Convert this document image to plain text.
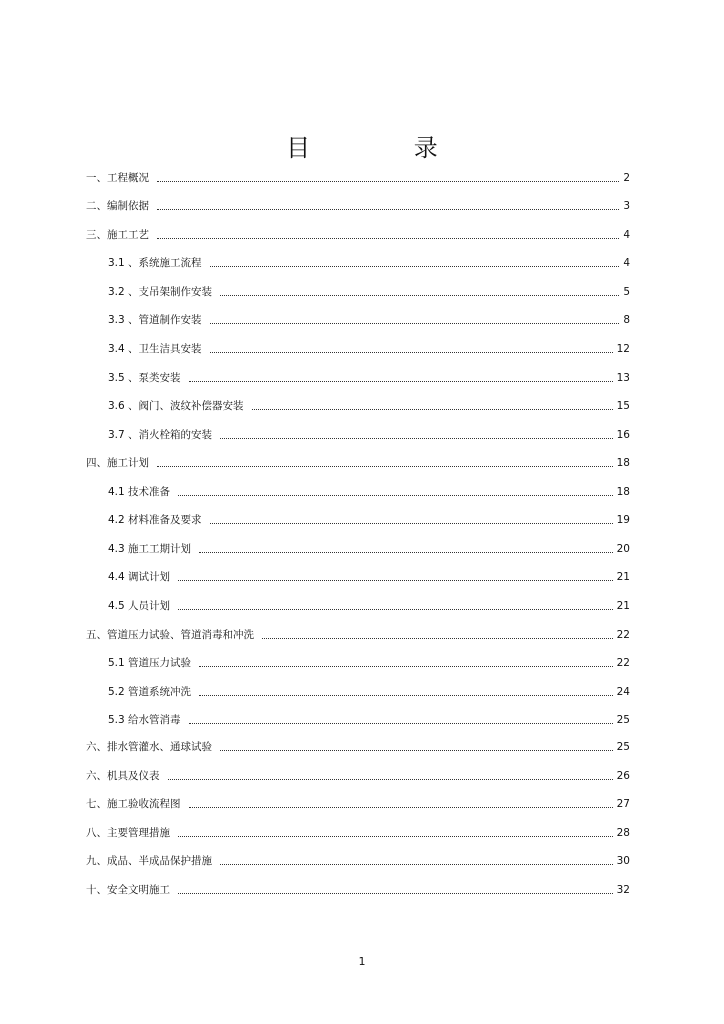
目 录
一、工程概况	2
二、编制依据	3
三、施工工艺	4
3.1 、系统施工流程	4
3.2 、支吊架制作安装	5
3.3 、管道制作安装	8
3.4 、卫生洁具安装	12
3.5 、泵类安装	13
3.6 、阀门、波纹补偿器安装	15
3.7 、消火栓箱的安装	16
四、施工计划	18
4.1 技术准备	18
4.2 材料准备及要求	19
4.3 施工工期计划	20
4.4 调试计划	21
4.5 人员计划	21
五、管道压力试验、管道消毒和冲洗	22
5.1 管道压力试验	22
5.2 管道系统冲洗	24
5.3 给水管消毒	25
六、排水管灌水、通球试验	25
六、机具及仪表	26
七、施工验收流程图	27
八、主要管理措施	28
九、成品、半成品保护措施	30
十、安全文明施工	32
1
